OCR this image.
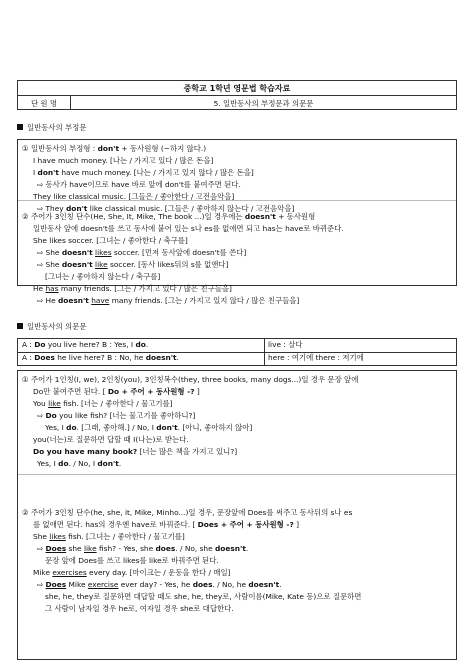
중학교 1학년 영문법 학습자료
단 원 명	5. 일반동사의 부정문과 의문문
일반동사의 부정문
① 일반동사의 부정형 : don't + 동사원형 (~하지 않다.)
I have much money. [나는 / 가지고 있다 / 많은 돈을]
I don't have much money. [나는 / 가지고 있지 않다 / 많은 돈을]
⇨ 동사가 have이므로 have 바로 앞에 don't를 붙여주면 된다.
They like classical music. [그들은 / 좋아한다 / 고전음악을]
⇨ They don't like classical music. [그들은 / 좋아하지 않는다 / 고전음악을]
② 주어가 3인칭 단수(He, She, It, Mike, The book ...)일 경우에는 doesn't + 동사원형
일반동사 앞에 doesn't를 쓰고 동사에 붙어 있는 s나 es를 없애면 되고 has는 have로 바뀌준다.
She likes soccer. [그녀는 / 좋아한다 / 축구를]
⇨ She doesn't likes soccer. [먼저 동사앞에 doesn't를 쓴다]
⇨ She doesn't like soccer. [동사 likes뒤의 s를 없앤다]
[그녀는 / 좋아하지 않는다 / 축구를]
He has many friends. [그는 / 가지고 있다 / 많은 친구들을]
⇨ He doesn't have many friends. [그는 / 가지고 있지 않다 / 많은 친구들을]
일반동사의 의문문
A : Do you live here? B : Yes, I do.
A : Does he live here? B : No, he doesn't.
live : 살다
here : 여기에 there : 저기에
① 주어가 1인칭(I, we), 2인칭(you), 3인칭복수(they, three books, many dogs...)일 경우 문장 앞에
Do만 붙여주면 된다. [ Do + 주어 + 동사원형 -? ]
You like fish. [너는 / 좋아한다 / 물고기를]
⇨ Do you like fish? [너는 물고기를 좋아하니?]
Yes, I do. [그래, 좋아해.] / No, I don't. [아니, 좋아하지 않아]
you(너는)로 질문하면 답할 때 I(나는)로 받는다.
Do you have many book? [너는 많은 책을 가지고 있니?]
Yes, I do. / No, I don't.
② 주어가 3인칭 단수(he, she, it, Mike, Minho...)일 경우, 문장앞에 Does를 써주고 동사뒤의 s나 es
를 없애면 된다. has의 경우엔 have로 바꿔준다. [ Does + 주어 + 동사원형 -? ]
She likes fish. [그녀는 / 좋아한다 / 물고기를]
⇨ Does she like fish? - Yes, she does. / No, she doesn't.
문장 앞에 Does를 쓰고 likes를 like로 바꿔주면 된다.
Mike exercises every day. [마이크는 / 운동을 한다 / 매일]
⇨ Does Mike exercise ever day? - Yes, he does. / No, he doesn't.
she, he, they로 질문하면 대답할 때도 she, he, they로, 사람이름(Mike, Kate 등)으로 질문하면
그 사람이 남자일 경우 he로, 여자일 경우 she로 대답한다.
